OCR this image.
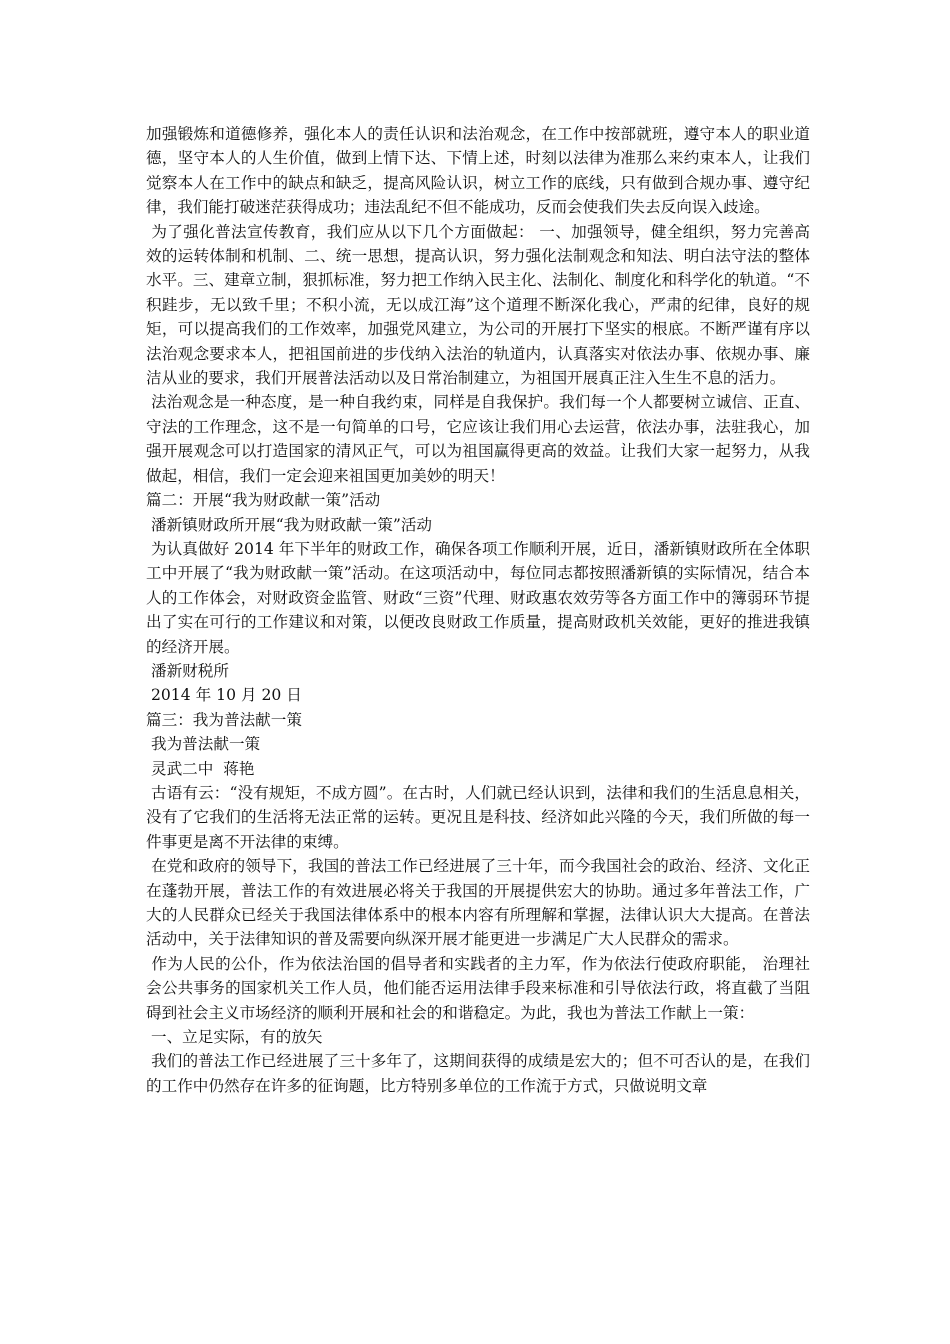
加强锻炼和道德修养，强化本人的责任认识和法治观念，在工作中按部就班，遵守本人的职业道德，坚守本人的人生价值，做到上情下达、下情上述，时刻以法律为准那么来约束本人，让我们觉察本人在工作中的缺点和缺乏，提高风险认识，树立工作的底线，只有做到合规办事、遵守纪律，我们能打破迷茫获得成功；违法乱纪不但不能成功，反而会使我们失去反向误入歧途。

为了强化普法宣传教育，我们应从以下几个方面做起： 一、加强领导，健全组织，努力完善高效的运转体制和机制、二、统一思想，提高认识，努力强化法制观念和知法、明白法守法的整体水平。三、建章立制，狠抓标准，努力把工作纳入民主化、法制化、制度化和科学化的轨道。“不积跬步，无以致千里；不积小流，无以成江海”这个道理不断深化我心，严肃的纪律，良好的规矩，可以提高我们的工作效率，加强党风建立，为公司的开展打下坚实的根底。不断严谨有序以法治观念要求本人，把祖国前进的步伐纳入法治的轨道内，认真落实对依法办事、依规办事、廉洁从业的要求，我们开展普法活动以及日常治制建立，为祖国开展真正注入生生不息的活力。

法治观念是一种态度，是一种自我约束，同样是自我保护。我们每一个人都要树立诚信、正直、守法的工作理念，这不是一句简单的口号，它应该让我们用心去运营，依法办事，法驻我心，加强开展观念可以打造国家的清风正气，可以为祖国赢得更高的效益。让我们大家一起努力，从我做起，相信，我们一定会迎来祖国更加美妙的明天！

篇二：开展“我为财政献一策”活动

潘新镇财政所开展“我为财政献一策”活动

为认真做好 2014 年下半年的财政工作，确保各项工作顺利开展，近日，潘新镇财政所在全体职工中开展了“我为财政献一策”活动。在这项活动中，每位同志都按照潘新镇的实际情况，结合本人的工作体会，对财政资金监管、财政“三资”代理、财政惠农效劳等各方面工作中的簿弱环节提出了实在可行的工作建议和对策，以便改良财政工作质量，提高财政机关效能，更好的推进我镇的经济开展。

潘新财税所

2014 年 10 月 20 日

篇三：我为普法献一策

我为普法献一策

灵武二中  蒋艳

古语有云：“没有规矩，不成方圆”。在古时，人们就已经认识到，法律和我们的生活息息相关，没有了它我们的生活将无法正常的运转。更况且是科技、经济如此兴隆的今天，我们所做的每一件事更是离不开法律的束缚。

在党和政府的领导下，我国的普法工作已经进展了三十年，而今我国社会的政治、经济、文化正在蓬勃开展，普法工作的有效进展必将关于我国的开展提供宏大的协助。通过多年普法工作，广大的人民群众已经关于我国法律体系中的根本内容有所理解和掌握，法律认识大大提高。在普法活动中，关于法律知识的普及需要向纵深开展才能更进一步满足广大人民群众的需求。

作为人民的公仆，作为依法治国的倡导者和实践者的主力军，作为依法行使政府职能， 治理社会公共事务的国家机关工作人员，他们能否运用法律手段来标准和引导依法行政，将直截了当阻碍到社会主义市场经济的顺利开展和社会的和谐稳定。为此，我也为普法工作献上一策：

一、立足实际，有的放矢

我们的普法工作已经进展了三十多年了，这期间获得的成绩是宏大的；但不可否认的是，在我们的工作中仍然存在许多的征询题，比方特别多单位的工作流于方式，只做说明文章
